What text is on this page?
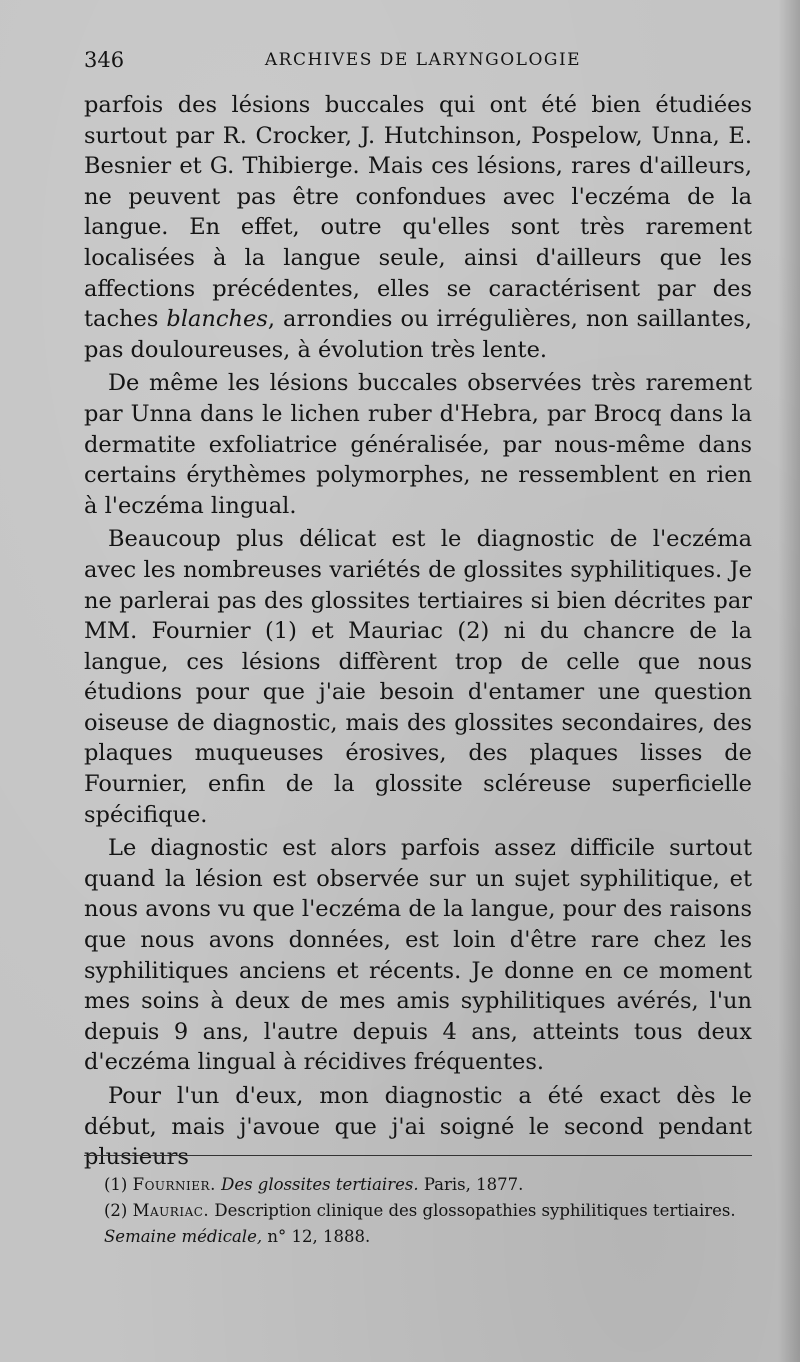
346	ARCHIVES DE LARYNGOLOGIE

parfois des lésions buccales qui ont été bien étudiées surtout par R. Crocker, J. Hutchinson, Pospelow, Unna, E. Besnier et G. Thibierge. Mais ces lésions, rares d'ailleurs, ne peuvent pas être confondues avec l'eczéma de la langue. En effet, outre qu'elles sont très rarement localisées à la langue seule, ainsi d'ailleurs que les affections précédentes, elles se caractérisent par des taches blanches, arrondies ou irrégulières, non saillantes, pas douloureuses, à évolution très lente.

De même les lésions buccales observées très rarement par Unna dans le lichen ruber d'Hebra, par Brocq dans la dermatite exfoliatrice généralisée, par nous-même dans certains érythèmes polymorphes, ne ressemblent en rien à l'eczéma lingual.

Beaucoup plus délicat est le diagnostic de l'eczéma avec les nombreuses variétés de glossites syphilitiques. Je ne parlerai pas des glossites tertiaires si bien décrites par MM. Fournier (1) et Mauriac (2) ni du chancre de la langue, ces lésions diffèrent trop de celle que nous étudions pour que j'aie besoin d'entamer une question oiseuse de diagnostic, mais des glossites secondaires, des plaques muqueuses érosives, des plaques lisses de Fournier, enfin de la glossite scléreuse superficielle spécifique.

Le diagnostic est alors parfois assez difficile surtout quand la lésion est observée sur un sujet syphilitique, et nous avons vu que l'eczéma de la langue, pour des raisons que nous avons données, est loin d'être rare chez les syphilitiques anciens et récents. Je donne en ce moment mes soins à deux de mes amis syphilitiques avérés, l'un depuis 9 ans, l'autre depuis 4 ans, atteints tous deux d'eczéma lingual à récidives fréquentes.

Pour l'un d'eux, mon diagnostic a été exact dès le début, mais j'avoue que j'ai soigné le second pendant plusieurs

(1) Fournier. Des glossites tertiaires. Paris, 1877.

(2) Mauriac. Description clinique des glossopathies syphilitiques tertiaires. Semaine médicale, n° 12, 1888.
